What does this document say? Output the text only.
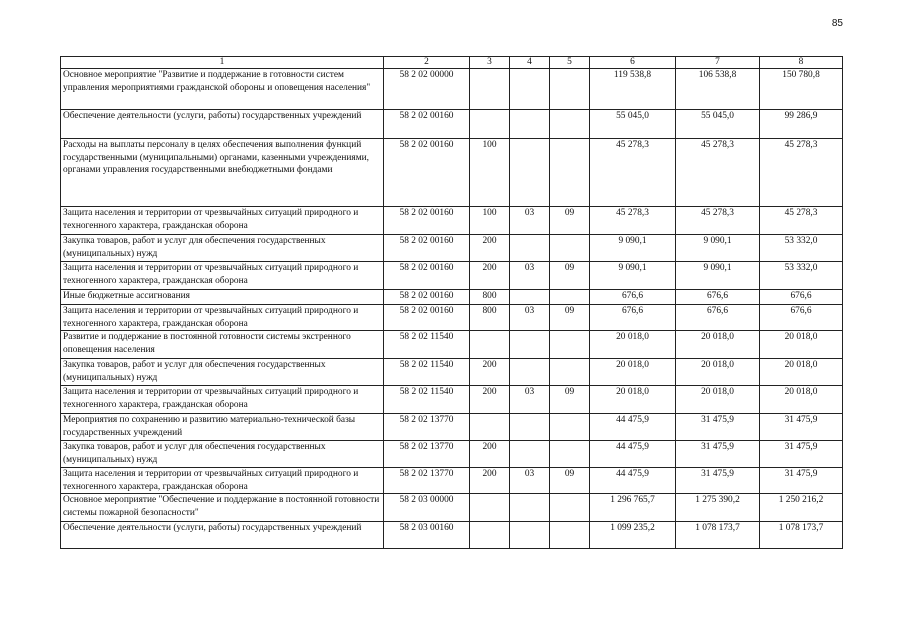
85
1	2	3	4	5	6	7	8
Основное мероприятие "Развитие и поддержание в готовности систем управления мероприятиями гражданской обороны и оповещения населения"	58 2 02 00000				119 538,8	106 538,8	150 780,8
Обеспечение деятельности (услуги, работы) государственных учреждений	58 2 02 00160				55 045,0	55 045,0	99 286,9
Расходы на выплаты персоналу в целях обеспечения выполнения функций государственными (муниципальными) органами, казенными учреждениями, органами управления государственными внебюджетными фондами	58 2 02 00160	100			45 278,3	45 278,3	45 278,3
Защита населения и территории от чрезвычайных ситуаций природного и техногенного характера, гражданская оборона	58 2 02 00160	100	03	09	45 278,3	45 278,3	45 278,3
Закупка товаров, работ и услуг для обеспечения государственных (муниципальных) нужд	58 2 02 00160	200			9 090,1	9 090,1	53 332,0
Защита населения и территории от чрезвычайных ситуаций природного и техногенного характера, гражданская оборона	58 2 02 00160	200	03	09	9 090,1	9 090,1	53 332,0
Иные бюджетные ассигнования	58 2 02 00160	800			676,6	676,6	676,6
Защита населения и территории от чрезвычайных ситуаций природного и техногенного характера, гражданская оборона	58 2 02 00160	800	03	09	676,6	676,6	676,6
Развитие и поддержание в постоянной готовности системы экстренного оповещения населения	58 2 02 11540				20 018,0	20 018,0	20 018,0
Закупка товаров, работ и услуг для обеспечения государственных (муниципальных) нужд	58 2 02 11540	200			20 018,0	20 018,0	20 018,0
Защита населения и территории от чрезвычайных ситуаций природного и техногенного характера, гражданская оборона	58 2 02 11540	200	03	09	20 018,0	20 018,0	20 018,0
Мероприятия по сохранению и развитию материально-технической базы государственных учреждений	58 2 02 13770				44 475,9	31 475,9	31 475,9
Закупка товаров, работ и услуг для обеспечения государственных (муниципальных) нужд	58 2 02 13770	200			44 475,9	31 475,9	31 475,9
Защита населения и территории от чрезвычайных ситуаций природного и техногенного характера, гражданская оборона	58 2 02 13770	200	03	09	44 475,9	31 475,9	31 475,9
Основное мероприятие "Обеспечение и поддержание в постоянной готовности системы пожарной безопасности"	58 2 03 00000				1 296 765,7	1 275 390,2	1 250 216,2
Обеспечение деятельности (услуги, работы) государственных учреждений	58 2 03 00160				1 099 235,2	1 078 173,7	1 078 173,7
